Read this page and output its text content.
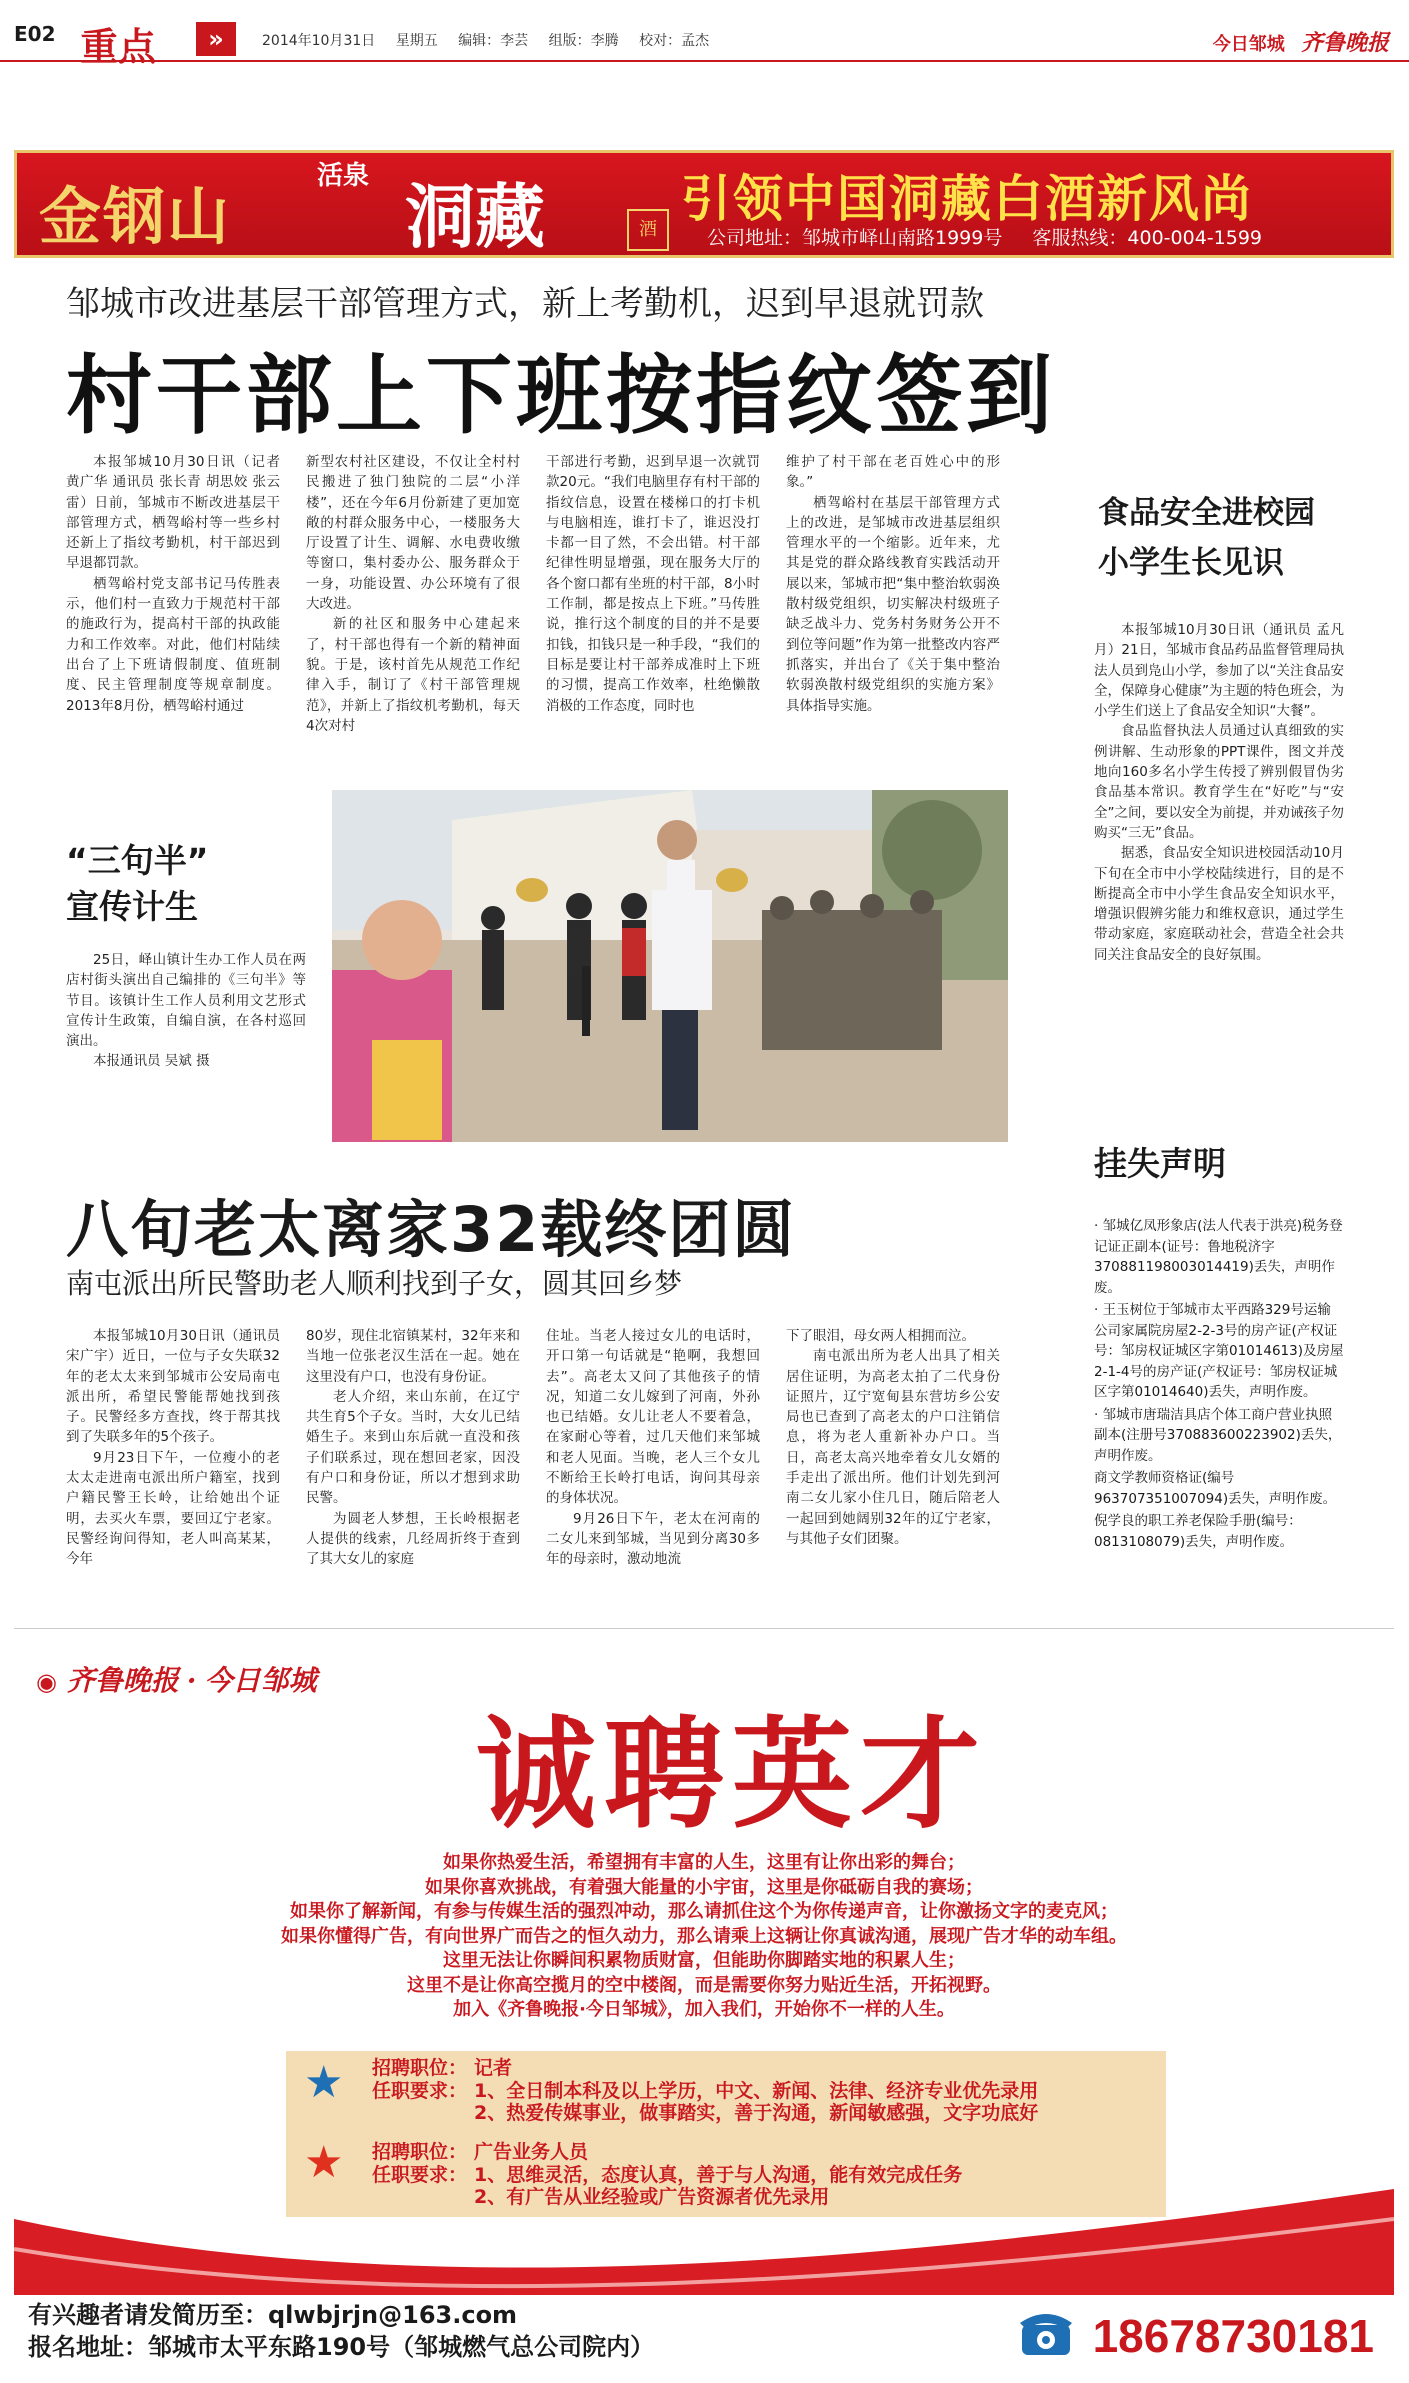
E02 重点	»	2014年10月31日 星期五 编辑：李芸 组版：李腾 校对：孟杰	今日邹城 齐鲁晚报
金钢山
活泉 洞藏	酒
引领中国洞藏白酒新风尚
公司地址：邹城市峄山南路1999号 客服热线：400-004-1599
邹城市改进基层干部管理方式，新上考勤机，迟到早退就罚款
村干部上下班按指纹签到

本报邹城10月30日讯（记者 黄广华 通讯员 张长青 胡思姣 张云雷）日前，邹城市不断改进基层干部管理方式，栖驾峪村等一些乡村还新上了指纹考勤机，村干部迟到早退都罚款。

栖驾峪村党支部书记马传胜表示，他们村一直致力于规范村干部的施政行为，提高村干部的执政能力和工作效率。对此，他们村陆续出台了上下班请假制度、值班制度、民主管理制度等规章制度。2013年8月份，栖驾峪村通过

新型农村社区建设，不仅让全村村民搬进了独门独院的二层“小洋楼”，还在今年6月份新建了更加宽敞的村群众服务中心，一楼服务大厅设置了计生、调解、水电费收缴等窗口，集村委办公、服务群众于一身，功能设置、办公环境有了很大改进。

新的社区和服务中心建起来了，村干部也得有一个新的精神面貌。于是，该村首先从规范工作纪律入手，制订了《村干部管理规范》，并新上了指纹机考勤机，每天4次对村

干部进行考勤，迟到早退一次就罚款20元。“我们电脑里存有村干部的指纹信息，设置在楼梯口的打卡机与电脑相连，谁打卡了，谁迟没打卡都一目了然，不会出错。村干部纪律性明显增强，现在服务大厅的各个窗口都有坐班的村干部，8小时工作制，都是按点上下班。”马传胜说，推行这个制度的目的并不是要扣钱，扣钱只是一种手段，“我们的目标是要让村干部养成准时上下班的习惯，提高工作效率，杜绝懒散消极的工作态度，同时也

维护了村干部在老百姓心中的形象。”

栖驾峪村在基层干部管理方式上的改进，是邹城市改进基层组织管理水平的一个缩影。近年来，尤其是党的群众路线教育实践活动开展以来，邹城市把“集中整治软弱涣散村级党组织，切实解决村级班子缺乏战斗力、党务村务财务公开不到位等问题”作为第一批整改内容严抓落实，并出台了《关于集中整治软弱涣散村级党组织的实施方案》具体指导实施。

食品安全进校园
小学生长见识

本报邹城10月30日讯（通讯员 孟凡月）21日，邹城市食品药品监督管理局执法人员到凫山小学，参加了以“关注食品安全，保障身心健康”为主题的特色班会，为小学生们送上了食品安全知识“大餐”。

食品监督执法人员通过认真细致的实例讲解、生动形象的PPT课件，图文并茂地向160多名小学生传授了辨别假冒伪劣食品基本常识。教育学生在“好吃”与“安全”之间，要以安全为前提，并劝诫孩子勿购买“三无”食品。

据悉，食品安全知识进校园活动10月下旬在全市中小学校陆续进行，目的是不断提高全市中小学生食品安全知识水平，增强识假辨劣能力和维权意识，通过学生带动家庭，家庭联动社会，营造全社会共同关注食品安全的良好氛围。

“三句半”
宣传计生

25日，峄山镇计生办工作人员在两店村街头演出自己编排的《三句半》等节目。该镇计生工作人员利用文艺形式宣传计生政策，自编自演，在各村巡回演出。

本报通讯员 吴斌 摄

挂失声明
· 邹城亿凤形象店(法人代表于洪亮)税务登记证正副本(证号：鲁地税济字370881198003014419)丢失，声明作废。
· 王玉树位于邹城市太平西路329号运输公司家属院房屋2-2-3号的房产证(产权证号：邹房权证城区字第01014613)及房屋2-1-4号的房产证(产权证号：邹房权证城区字第01014640)丢失，声明作废。
· 邹城市唐瑞洁具店个体工商户营业执照副本(注册号370883600223902)丢失，声明作废。
商文学教师资格证(编号963707351007094)丢失，声明作废。
倪学良的职工养老保险手册(编号：0813108079)丢失，声明作废。
八旬老太离家32载终团圆
南屯派出所民警助老人顺利找到子女，圆其回乡梦

本报邹城10月30日讯（通讯员 宋广宇）近日，一位与子女失联32年的老太太来到邹城市公安局南屯派出所，希望民警能帮她找到孩子。民警经多方查找，终于帮其找到了失联多年的5个孩子。

9月23日下午，一位瘦小的老太太走进南屯派出所户籍室，找到户籍民警王长岭，让给她出个证明，去买火车票，要回辽宁老家。民警经询问得知，老人叫高某某，今年

80岁，现住北宿镇某村，32年来和当地一位张老汉生活在一起。她在这里没有户口，也没有身份证。

老人介绍，来山东前，在辽宁共生育5个子女。当时，大女儿已结婚生子。来到山东后就一直没和孩子们联系过，现在想回老家，因没有户口和身份证，所以才想到求助民警。

为圆老人梦想，王长岭根据老人提供的线索，几经周折终于查到了其大女儿的家庭

住址。当老人接过女儿的电话时，开口第一句话就是“艳啊，我想回去”。高老太又问了其他孩子的情况，知道二女儿嫁到了河南，外孙也已结婚。女儿让老人不要着急，在家耐心等着，过几天他们来邹城和老人见面。当晚，老人三个女儿不断给王长岭打电话，询问其母亲的身体状况。

9月26日下午，老太在河南的二女儿来到邹城，当见到分离30多年的母亲时，激动地流

下了眼泪，母女两人相拥而泣。

南屯派出所为老人出具了相关居住证明，为高老太拍了二代身份证照片，辽宁宽甸县东营坊乡公安局也已查到了高老太的户口注销信息，将为老人重新补办户口。当日，高老太高兴地牵着女儿女婿的手走出了派出所。他们计划先到河南二女儿家小住几日，随后陪老人一起回到她阔别32年的辽宁老家，与其他子女们团聚。

◉ 齐鲁晚报 · 今日邹城
诚聘英才
如果你热爱生活，希望拥有丰富的人生，这里有让你出彩的舞台；
如果你喜欢挑战，有着强大能量的小宇宙，这里是你砥砺自我的赛场；
如果你了解新闻，有参与传媒生活的强烈冲动，那么请抓住这个为你传递声音，让你激扬文字的麦克风；
如果你懂得广告，有向世界广而告之的恒久动力，那么请乘上这辆让你真诚沟通，展现广告才华的动车组。
这里无法让你瞬间积累物质财富，但能助你脚踏实地的积累人生；
这里不是让你高空揽月的空中楼阁，而是需要你努力贴近生活，开拓视野。
加入《齐鲁晚报·今日邹城》，加入我们，开始你不一样的人生。
★ 招聘职位： 记者
任职要求： 1、全日制本科及以上学历，中文、新闻、法律、经济专业优先录用
2、热爱传媒事业，做事踏实，善于沟通，新闻敏感强，文字功底好
★ 招聘职位： 广告业务人员
任职要求： 1、思维灵活，态度认真，善于与人沟通，能有效完成任务
2、有广告从业经验或广告资源者优先录用
有兴趣者请发简历至：qlwbjrjn@163.com
报名地址：邹城市太平东路190号（邹城燃气总公司院内）	18678730181
